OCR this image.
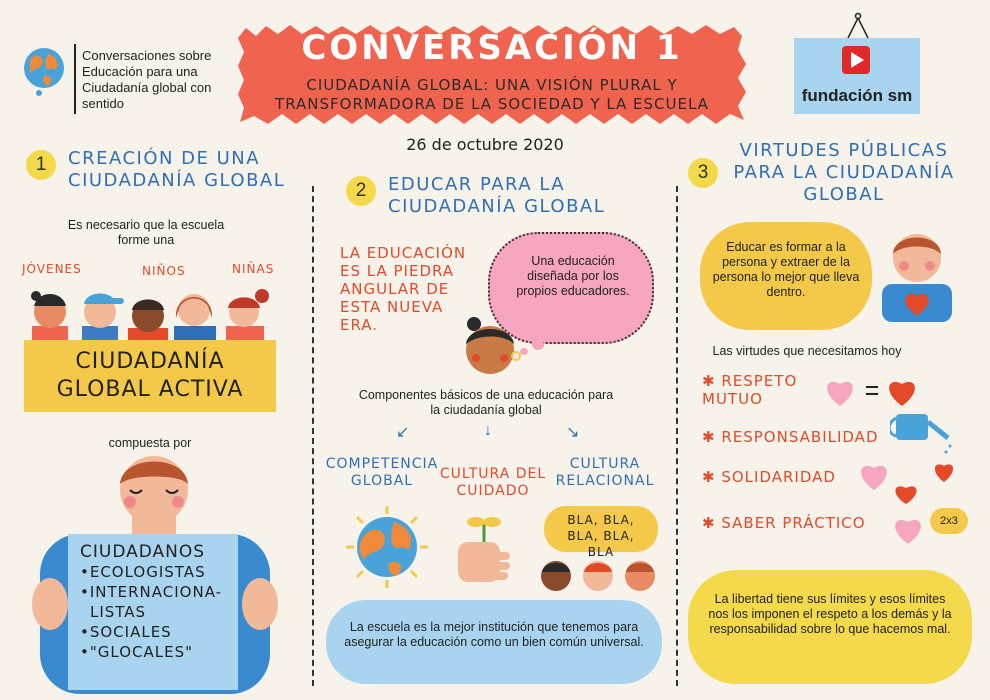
Conversaciones sobre Educación para una Ciudadanía global con sentido
CONVERSACIÓN 1
CIUDADANÍA GLOBAL: UNA VISIÓN PLURAL Y TRANSFORMADORA DE LA SOCIEDAD Y LA ESCUELA
26 de octubre 2020
fundación sm
1	CREACIÓN DE UNA CIUDADANÍA GLOBAL
Es necesario que la escuela forme una
JÓVENES	NIÑOS	NIÑAS
CIUDADANÍA GLOBAL ACTIVA
compuesta por
CIUDADANOS
•ECOLOGISTAS
•INTERNACIONA-
LISTAS
•SOCIALES
•"GLOCALES"
2	EDUCAR PARA LA CIUDADANÍA GLOBAL
LA EDUCACIÓN ES LA PIEDRA ANGULAR DE ESTA NUEVA ERA.
Una educación diseñada por los propios educadores.
Componentes básicos de una educación para la ciudadanía global
↙	↓	↘
COMPETENCIA GLOBAL	CULTURA DEL CUIDADO
CULTURA RELACIONAL
BLA, BLA, BLA, BLA, BLA
La escuela es la mejor institución que tenemos para asegurar la educación como un bien común universal.
3
VIRTUDES PÚBLICAS PARA LA CIUDADANÍA GLOBAL
Educar es formar a la persona y extraer de la persona lo mejor que lleva dentro.
Las virtudes que necesitamos hoy
✱ RESPETO MUTUO
✱ RESPONSABILIDAD
✱ SOLIDARIDAD
✱ SABER PRÁCTICO	2x3
La libertad tiene sus límites y esos límites nos los imponen el respeto a los demás y la responsabilidad sobre lo que hacemos mal.
